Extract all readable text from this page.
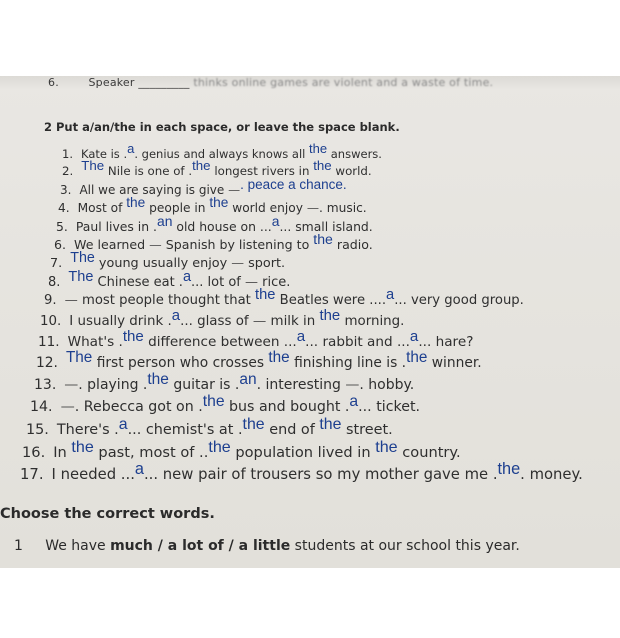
6.	Speaker _________ thinks online games are violent and a waste of time.
2 Put a/an/the in each space, or leave the space blank.
1. Kate is .a. genius and always knows all the answers.
2. The Nile is one of .the longest rivers in the world.
3. All we are saying is give —. peace a chance.
4. Most of the people in the world enjoy —. music.
5. Paul lives in .an old house on ...a... small island.
6. We learned — Spanish by listening to the radio.
7. The young usually enjoy — sport.
8. The Chinese eat .a... lot of — rice.
9. — most people thought that the Beatles were ....a... very good group.
10. I usually drink .a... glass of — milk in the morning.
11. What's .the difference between ...a... rabbit and ...a... hare?
12. The first person who crosses the finishing line is .the winner.
13. —. playing .the guitar is .an. interesting —. hobby.
14. —. Rebecca got on .the bus and bought .a... ticket.
15. There's .a... chemist's at .the end of the street.
16. In the past, most of ..the population lived in the country.
17. I needed ...a... new pair of trousers so my mother gave me .the. money.
Choose the correct words.
1 We have much / a lot of / a little students at our school this year.
